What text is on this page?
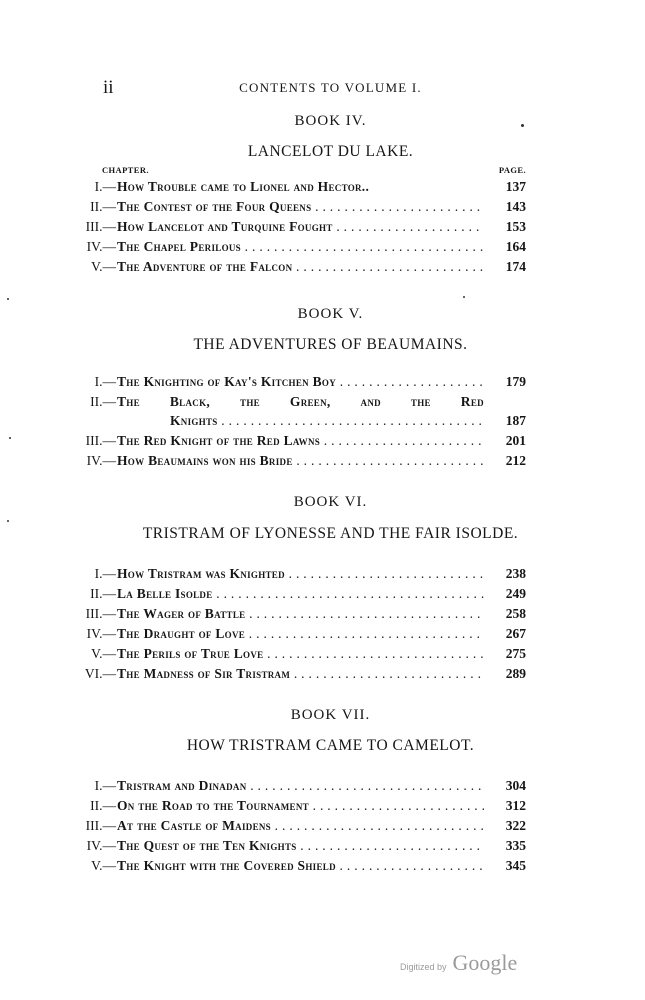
ii	CONTENTS TO VOLUME I.
BOOK IV.
LANCELOT DU LAKE.
CHAPTER.	PAGE.
I.— How Trouble came to Lionel and Hector..	137
II.— The Contest of the Four Queens . . .	143
III.— How Lancelot and Turquine Fought . . .	153
IV.— The Chapel Perilous . . .	164
V.— The Adventure of the Falcon . . .	174
BOOK V.
THE ADVENTURES OF BEAUMAINS.
I.— The Knighting of Kay's Kitchen Boy . . .	179
II.— The Black, the Green, and the Red
Knights . . .	187
III.— The Red Knight of the Red Lawns . . .	201
IV.— How Beaumains won his Bride . . .	212
BOOK VI.
TRISTRAM OF LYONESSE AND THE FAIR ISOLDE.
I.— How Tristram was Knighted . . .	238
II.— La Belle Isolde . . .	249
III.— The Wager of Battle . . .	258
IV.— The Draught of Love . . .	267
V.— The Perils of True Love . . .	275
VI.— The Madness of Sir Tristram . . .	289
BOOK VII.
HOW TRISTRAM CAME TO CAMELOT.
I.— Tristram and Dinadan . . .	304
II.— On the Road to the Tournament . . .	312
III.— At the Castle of Maidens . . .	322
IV.— The Quest of the Ten Knights . . .	335
V.— The Knight with the Covered Shield . . .	345
Digitized by Google
